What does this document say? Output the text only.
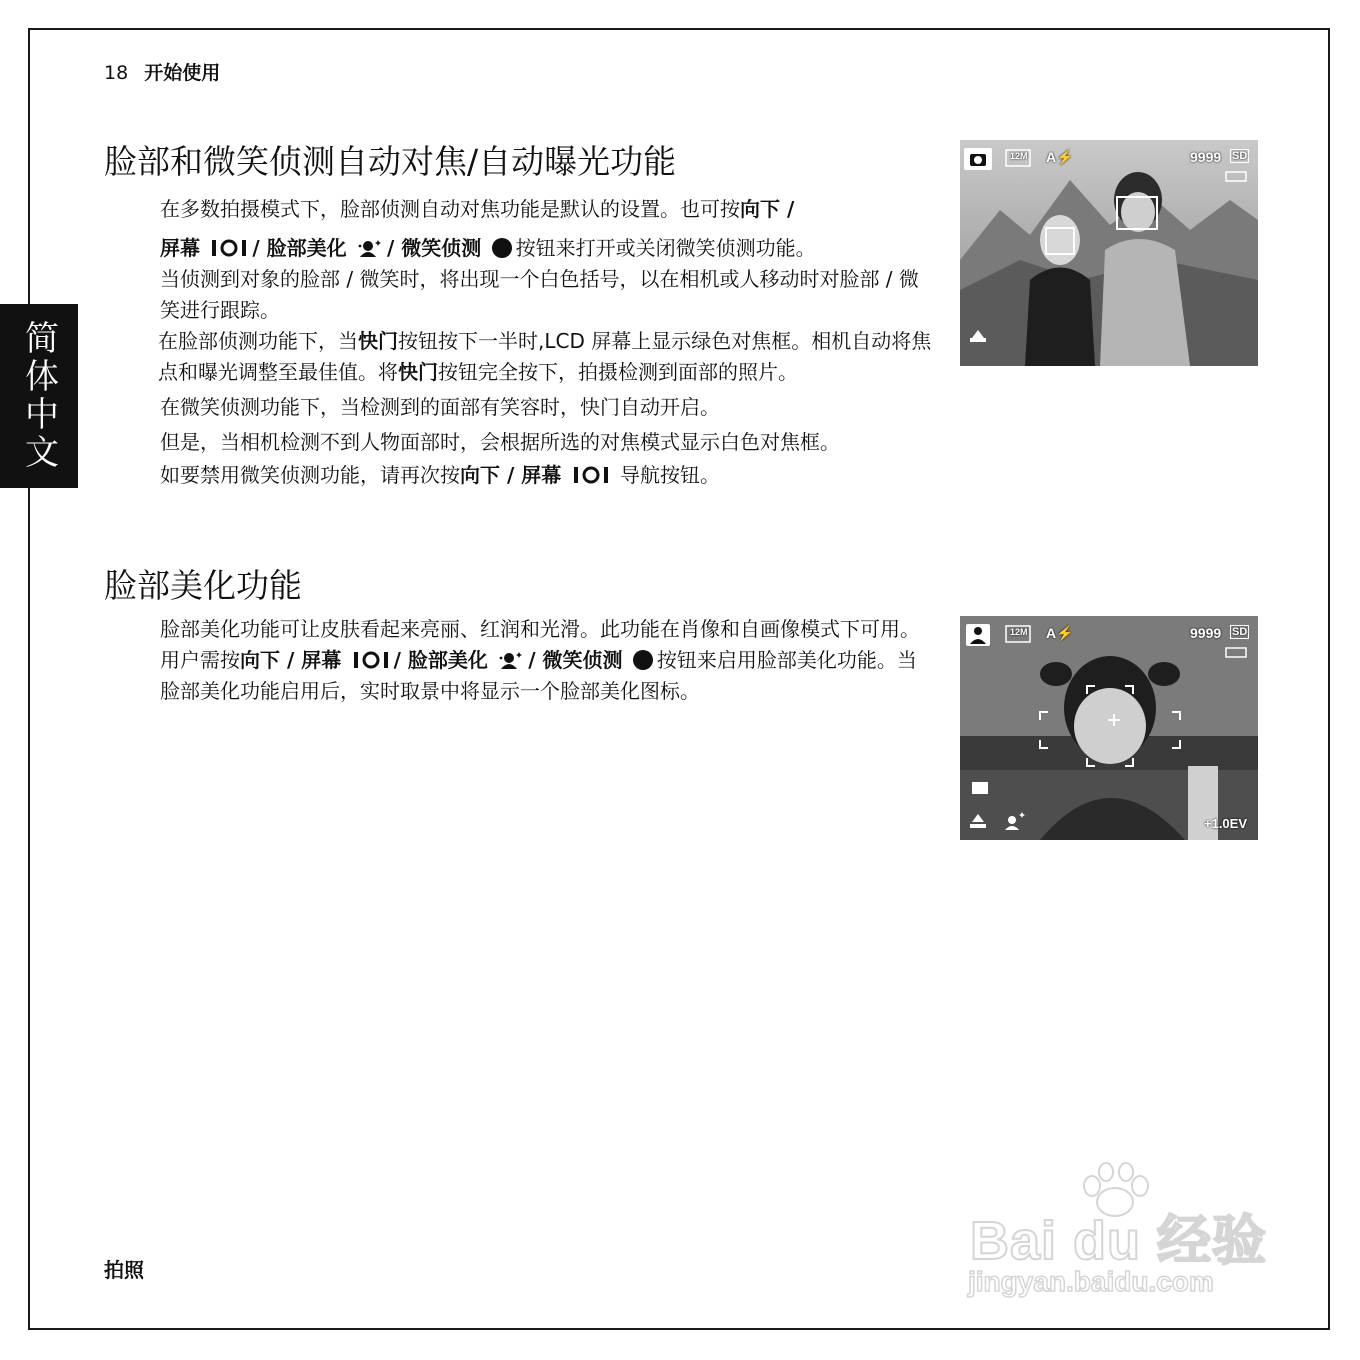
18 开始使用
简体中文
脸部和微笑侦测自动对焦/自动曝光功能

在多数拍摄模式下，脸部侦测自动对焦功能是默认的设置。也可按向下 /

屏幕	/ 脸部美化 / 微笑侦测 ‿ 按钮来打开或关闭微笑侦测功能。

当侦测到对象的脸部 / 微笑时，将出现一个白色括号，以在相机或人移动时对脸部 / 微笑进行跟踪。

在脸部侦测功能下，当快门按钮按下一半时,LCD 屏幕上显示绿色对焦框。相机自动将焦点和曝光调整至最佳值。将快门按钮完全按下，拍摄检测到面部的照片。

在微笑侦测功能下，当检测到的面部有笑容时，快门自动开启。

但是，当相机检测不到人物面部时，会根据所选的对焦模式显示白色对焦框。

如要禁用微笑侦测功能，请再次按向下 / 屏幕	导航按钮。

脸部美化功能

脸部美化功能可让皮肤看起来亮丽、红润和光滑。此功能在肖像和自画像模式下可用。用户需按向下 / 屏幕	/ 脸部美化 / 微笑侦测 ‿ 按钮来启用脸部美化功能。当脸部美化功能启用后，实时取景中将显示一个脸部美化图标。

12M A⚡	9999 SD
12M A⚡	9999 SD
+1.0EV
拍照	Bai du 经验
jingyan.baidu.com
